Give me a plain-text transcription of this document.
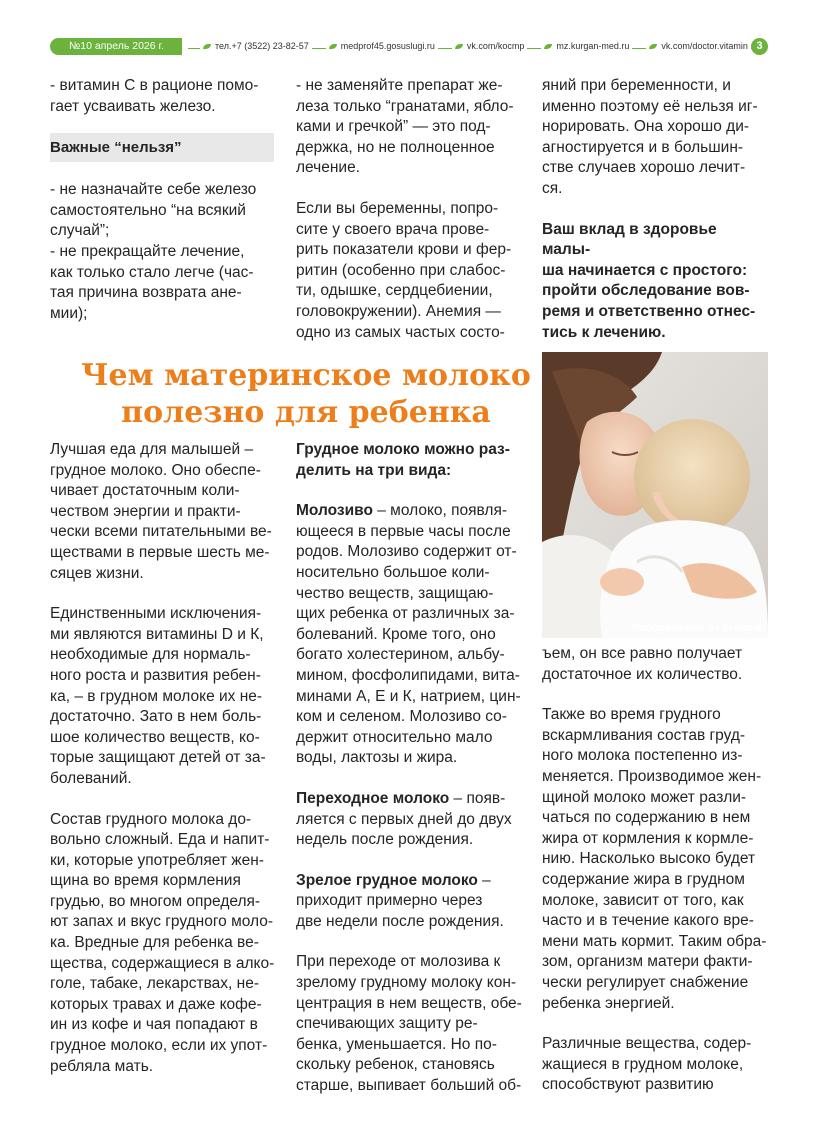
№10 апрель 2026 г.	тел.+7 (3522) 23-82-57	medprof45.gosuslugi.ru	vk.com/kocmp	mz.kurgan-med.ru	vk.com/doctor.vitamin 3

- витамин С в рационе помо-

гает усваивать железо.

Важные “нельзя”

- не назначайте себе железо

самостоятельно “на всякий

случай”;

- не прекращайте лечение,

как только стало легче (час-

тая причина возврата ане-

мии);

- не заменяйте препарат же-

леза только “гранатами, ябло-

ками и гречкой” — это под-

держка, но не полноценное

лечение.

Если вы беременны, попро-

сите у своего врача прове-

рить показатели крови и фер-

ритин (особенно при слабос-

ти, одышке, сердцебиении,

головокружении). Анемия —

одно из самых частых состо-

яний при беременности, и

именно поэтому её нельзя иг-

норировать. Она хорошо ди-

агностируется и в большин-

стве случаев хорошо лечит-

ся.

Ваш вклад в здоровье малы-

ша начинается с простого:

пройти обследование вов-

ремя и ответственно отнес-

тись к лечению.

Чем материнское молоко
полезно для ребенка
Изображение от Freepik

Лучшая еда для малышей –

грудное молоко. Оно обеспе-

чивает достаточным коли-

чеством энергии и практи-

чески всеми питательными ве-

ществами в первые шесть ме-

сяцев жизни.

Единственными исключения-

ми являются витамины D и К,

необходимые для нормаль-

ного роста и развития ребен-

ка, – в грудном молоке их не-

достаточно. Зато в нем боль-

шое количество веществ, ко-

торые защищают детей от за-

болеваний.

Состав грудного молока до-

вольно сложный. Еда и напит-

ки, которые употребляет жен-

щина во время кормления

грудью, во многом определя-

ют запах и вкус грудного моло-

ка. Вредные для ребенка ве-

щества, содержащиеся в алко-

голе, табаке, лекарствах, не-

которых травах и даже кофе-

ин из кофе и чая попадают в

грудное молоко, если их упот-

ребляла мать.

Грудное молоко можно раз-

делить на три вида:

Молозиво – молоко, появля-

ющееся в первые часы после

родов. Молозиво содержит от-

носительно большое коли-

чество веществ, защищаю-

щих ребенка от различных за-

болеваний. Кроме того, оно

богато холестерином, альбу-

мином, фосфолипидами, вита-

минами А, Е и К, натрием, цин-

ком и селеном. Молозиво со-

держит относительно мало

воды, лактозы и жира.

Переходное молоко – появ-

ляется с первых дней до двух

недель после рождения.

Зрелое грудное молоко –

приходит примерно через

две недели после рождения.

При переходе от молозива к

зрелому грудному молоку кон-

центрация в нем веществ, обе-

спечивающих защиту ре-

бенка, уменьшается. Но по-

скольку ребенок, становясь

старше, выпивает больший об-

ъем, он все равно получает

достаточное их количество.

Также во время грудного

вскармливания состав груд-

ного молока постепенно из-

меняется. Производимое жен-

щиной молоко может разли-

чаться по содержанию в нем

жира от кормления к кормле-

нию. Насколько высоко будет

содержание жира в грудном

молоке, зависит от того, как

часто и в течение какого вре-

мени мать кормит. Таким обра-

зом, организм матери факти-

чески регулирует снабжение

ребенка энергией.

Различные вещества, содер-

жащиеся в грудном молоке,

способствуют развитию
